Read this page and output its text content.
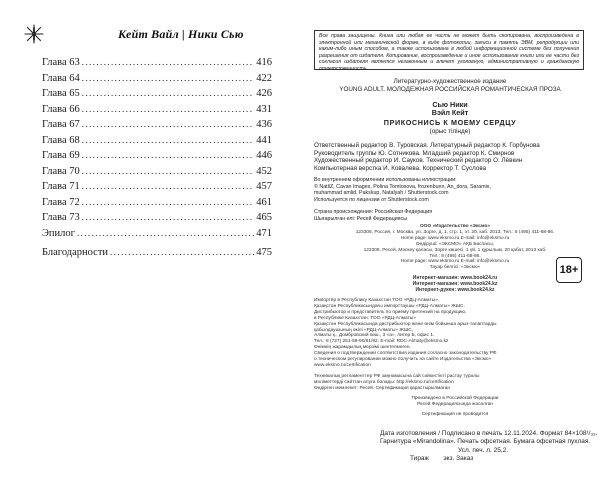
Кейт Вайл | Ники Сью
Глава 63 .....	416
Глава 64 .....	422
Глава 65 .....	426
Глава 66 .....	431
Глава 67 .....	436
Глава 68 .....	441
Глава 69 .....	446
Глава 70 .....	452
Глава 71 .....	457
Глава 72 .....	461
Глава 73 .....	465
Эпилог .....	471
Благодарности .....	475
Все права защищены. Книга или любая ее часть не может быть скопирована, воспроизведена в электронной или механической форме, в виде фотокопии, записи в память ЭВМ, репродукции или каким-либо иным способом, а также использована в любой информационной системе без получения разрешения от издателя. Копирование, воспроизведение и иное использование книги или ее части без согласия издателя является незаконным и влечет уголовную, административную и гражданскую ответственность.
Литературно-художественное издание
YOUNG ADULT. МОЛОДЕЖНАЯ РОССИЙСКАЯ РОМАНТИЧЕСКАЯ ПРОЗА
Сью Ники
Вэйл Кейт
ПРИКОСНИСЬ К МОЕМУ СЕРДЦУ
(орыс тілінде)
Ответственный редактор В. Туровская. Литературный редактор К. Горбунова
Руководитель группы Ю. Сотникова. Младший редактор К. Смирнов
Художественный редактор И. Сауков. Технический редактор О. Лёвкин
Компьютерная верстка И. Ковалева. Корректор Т. Суслова
Во внутреннем оформлении использованы иллюстрации:
© NatliZ, Cavan Images, Polina Tomtosova, frozenbunn, An_dora, Saramix,
muhammad amlid, Pakskup, Natalyah / Shutterstock.com
Используется по лицензии от Shutterstock.com
Страна происхождения: Российская Федерация
Шығарылған елі: Ресей Федерациясы
ООО «Издательство «Эксмо»
123308, Россия, г. Москва, ул. Зорге, д. 1, стр. 1, эт. 20, каб. 2013. Тел.: 8 (495) 411-68-86.
Home page: www.eksmo.ru E-mail: info@eksmo.ru
Өндіруші: «ЭКСМО» АҚБ Баспасы,
123308, Ресей, Мәскеу қаласы, Зорге көшесі, 1 үй, 1 құрылым, 20 қабат, 2013 каб.
Тел.: 8 (495) 411-68-86.
Home page: www.eksmo.ru E-mail: info@eksmo.ru
Тауар белгісі: «Эксмо»
Интернет-магазин: www.book24.ru
Интернет-магазин: www.book24.kz
Интернет-дүкен: www.book24.kz
18+
Импортёр в Республику Казахстан ТОО «РДЦ-Алматы».
Қазақстан Республикасындағы импорттаушы «РДЦ-Алматы» ЖШС.
Дистрибьютор и представитель по приему претензий на продукцию,
в Республике Казахстан: ТОО «РДЦ-Алматы»
Қазақстан Республикасында дистрибьютор және өнім бойынша арыз-талаптарды
қабылдаушының өкілі «РДЦ-Алматы» ЖШС,
Алматы қ., Домбровский көш., 3 «а», литер Б, офис 1.
Тел.: 8 (727) 251-59-90/91/92. E-mail: RDC-Almaty@eksmo.kz
Өнімнің жарамдылық мерзімі шектелмеген.
Сведения о подтверждении соответствия издания согласно законодательству РФ
о техническом регулировании можно получить на сайте Издательства «Эксмо»
www.eksmo.ru/certification
Техникалық регламенттер РФ заңнамасына сай сәйкестікті растау туралы
мәліметтерді сайттан алуға болады: http://eksmo.ru/certification
Өндірген мемлекет: Ресей. Сертификация қарастырылмаған
Произведено в Российской Федерации
Ресей Федерациясында жасалған
Сертификация не проводится
Дата изготовления / Подписано в печать 12.11.2024. Формат 84×108¹/₃₂.
Гарнитура «Mirandolina». Печать офсетная. Бумага офсетная пухлая.
Усл. печ. л. 25,2.
Тираж        экз. Заказ
